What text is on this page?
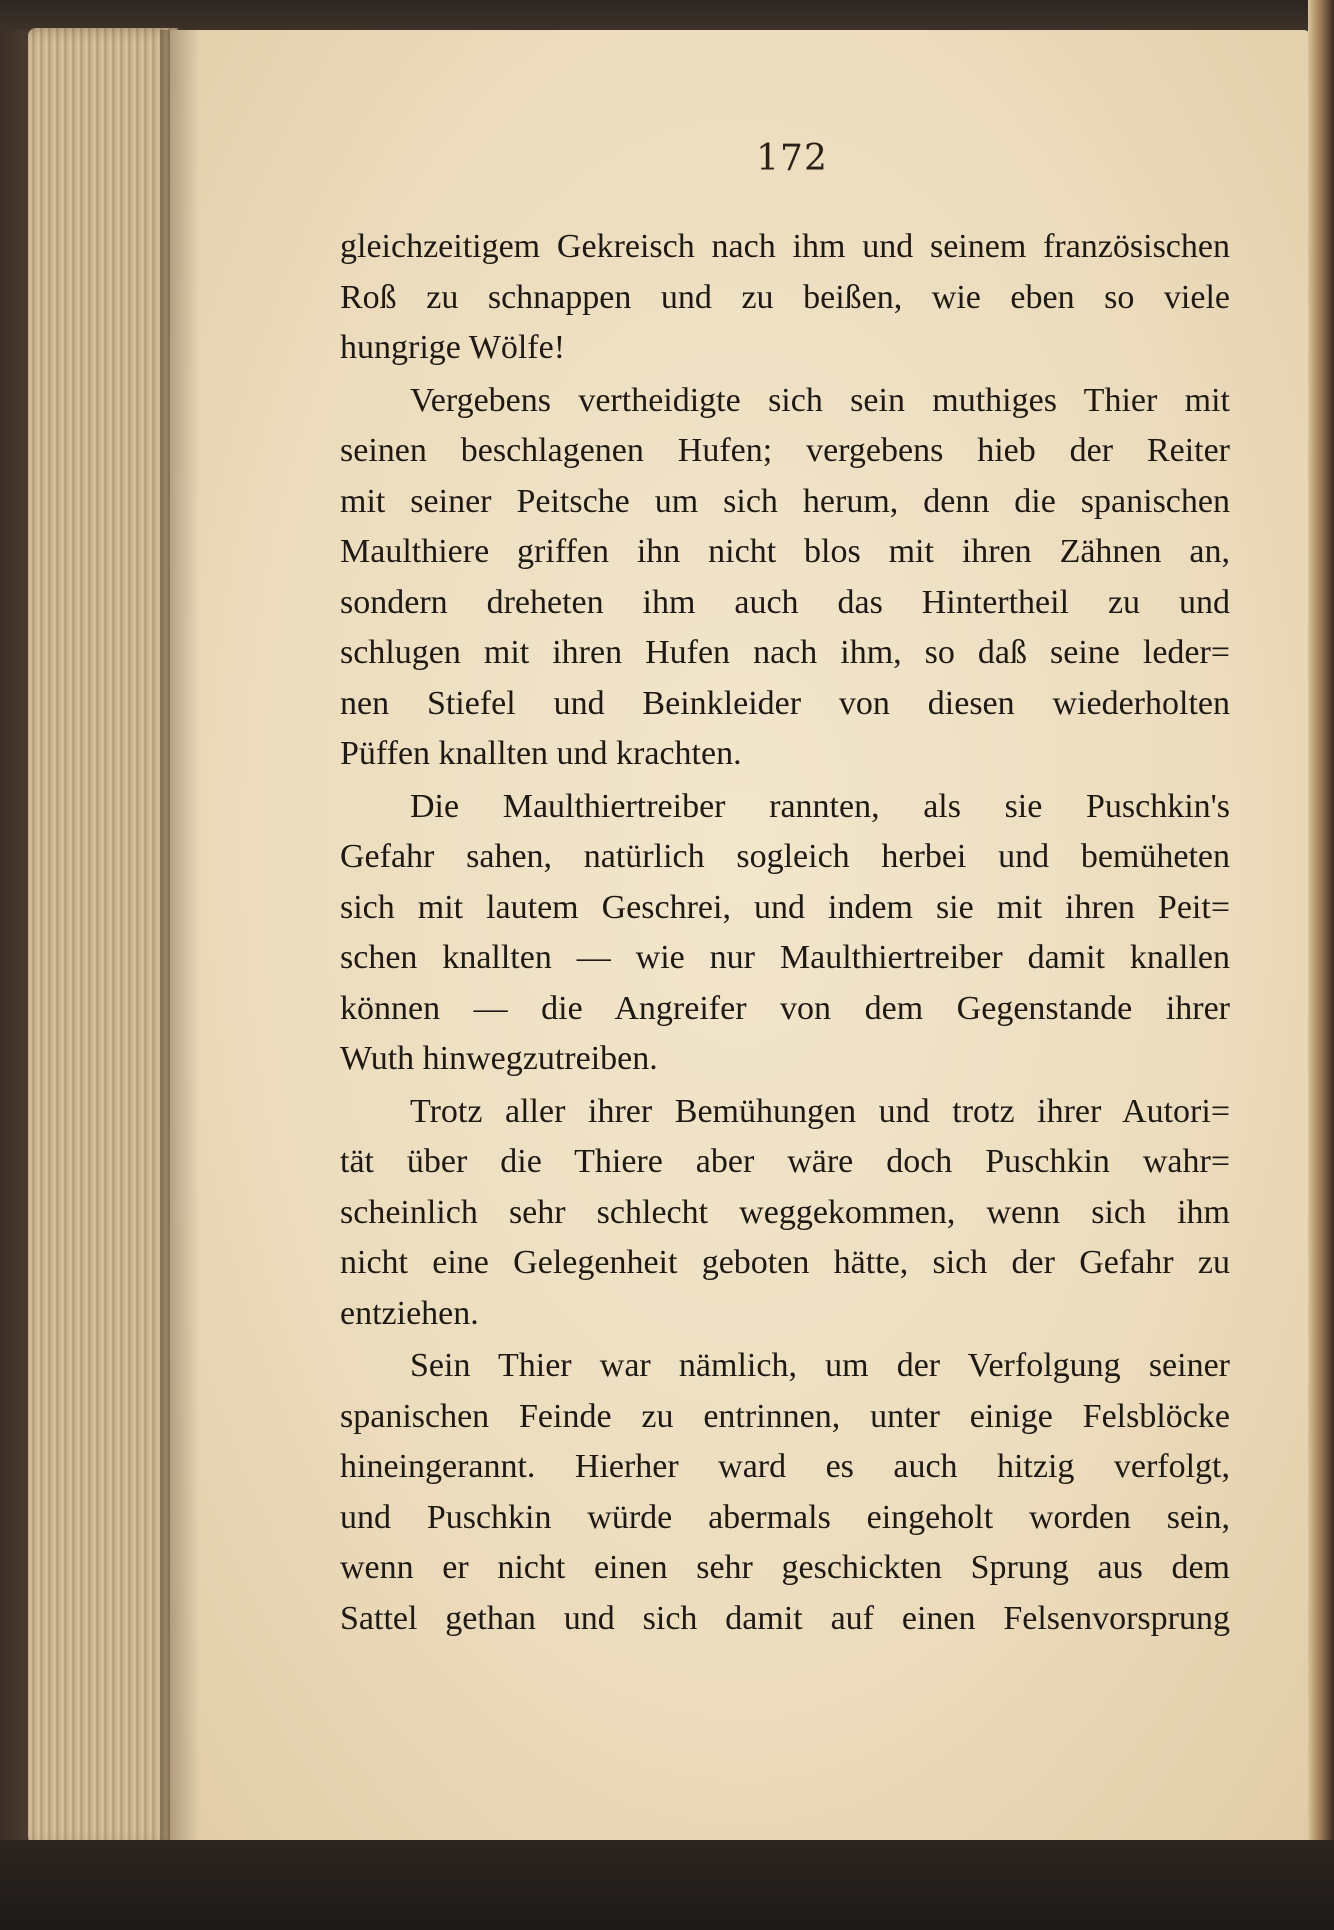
172

gleichzeitigem Gekreisch nach ihm und seinem französischen
Roß zu schnappen und zu beißen, wie eben so viele
hungrige Wölfe!

Vergebens vertheidigte sich sein muthiges Thier mit
seinen beschlagenen Hufen; vergebens hieb der Reiter
mit seiner Peitsche um sich herum, denn die spanischen
Maulthiere griffen ihn nicht blos mit ihren Zähnen an,
sondern dreheten ihm auch das Hintertheil zu und
schlugen mit ihren Hufen nach ihm, so daß seine leder=
nen Stiefel und Beinkleider von diesen wiederholten
Püffen knallten und krachten.

Die Maulthiertreiber rannten, als sie Puschkin's
Gefahr sahen, natürlich sogleich herbei und bemüheten
sich mit lautem Geschrei, und indem sie mit ihren Peit=
schen knallten — wie nur Maulthiertreiber damit knallen
können — die Angreifer von dem Gegenstande ihrer
Wuth hinwegzutreiben.

Trotz aller ihrer Bemühungen und trotz ihrer Autori=
tät über die Thiere aber wäre doch Puschkin wahr=
scheinlich sehr schlecht weggekommen, wenn sich ihm
nicht eine Gelegenheit geboten hätte, sich der Gefahr zu
entziehen.

Sein Thier war nämlich, um der Verfolgung seiner
spanischen Feinde zu entrinnen, unter einige Felsblöcke
hineingerannt. Hierher ward es auch hitzig verfolgt,
und Puschkin würde abermals eingeholt worden sein,
wenn er nicht einen sehr geschickten Sprung aus dem
Sattel gethan und sich damit auf einen Felsenvorsprung
